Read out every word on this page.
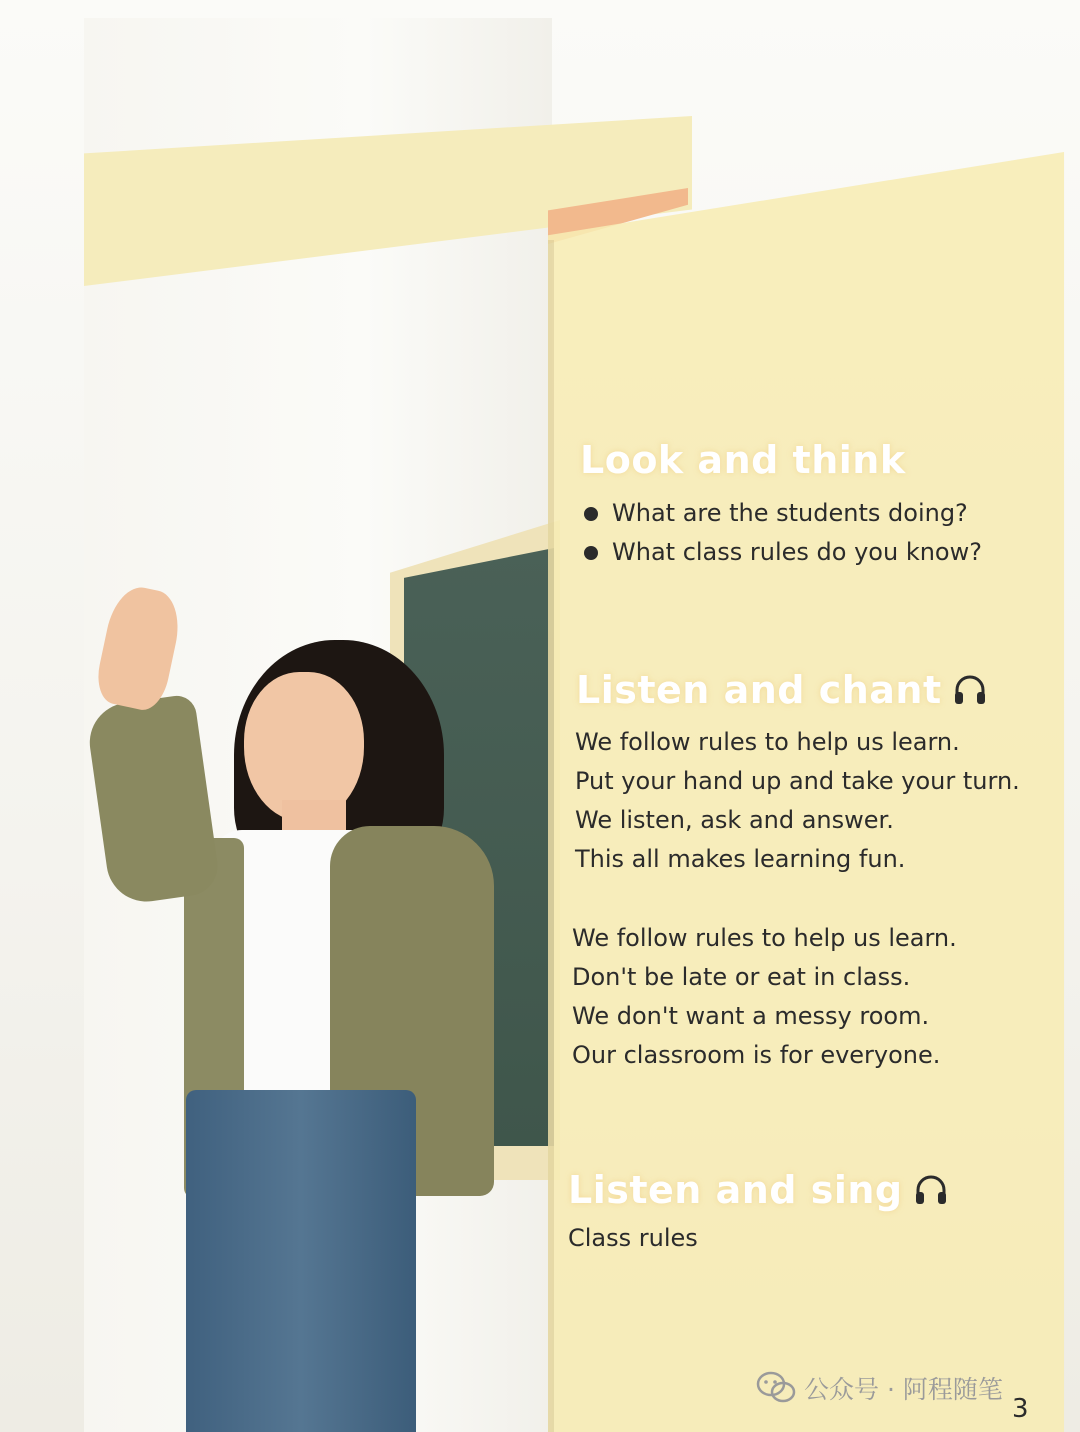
Look and think
What are the students doing?
What class rules do you know?
Listen and chant
We follow rules to help us learn.
Put your hand up and take your turn.
We listen, ask and answer.
This all makes learning fun.
We follow rules to help us learn.
Don't be late or eat in class.
We don't want a messy room.
Our classroom is for everyone.
Listen and sing
Class rules
公众号 · 阿程随笔
3
